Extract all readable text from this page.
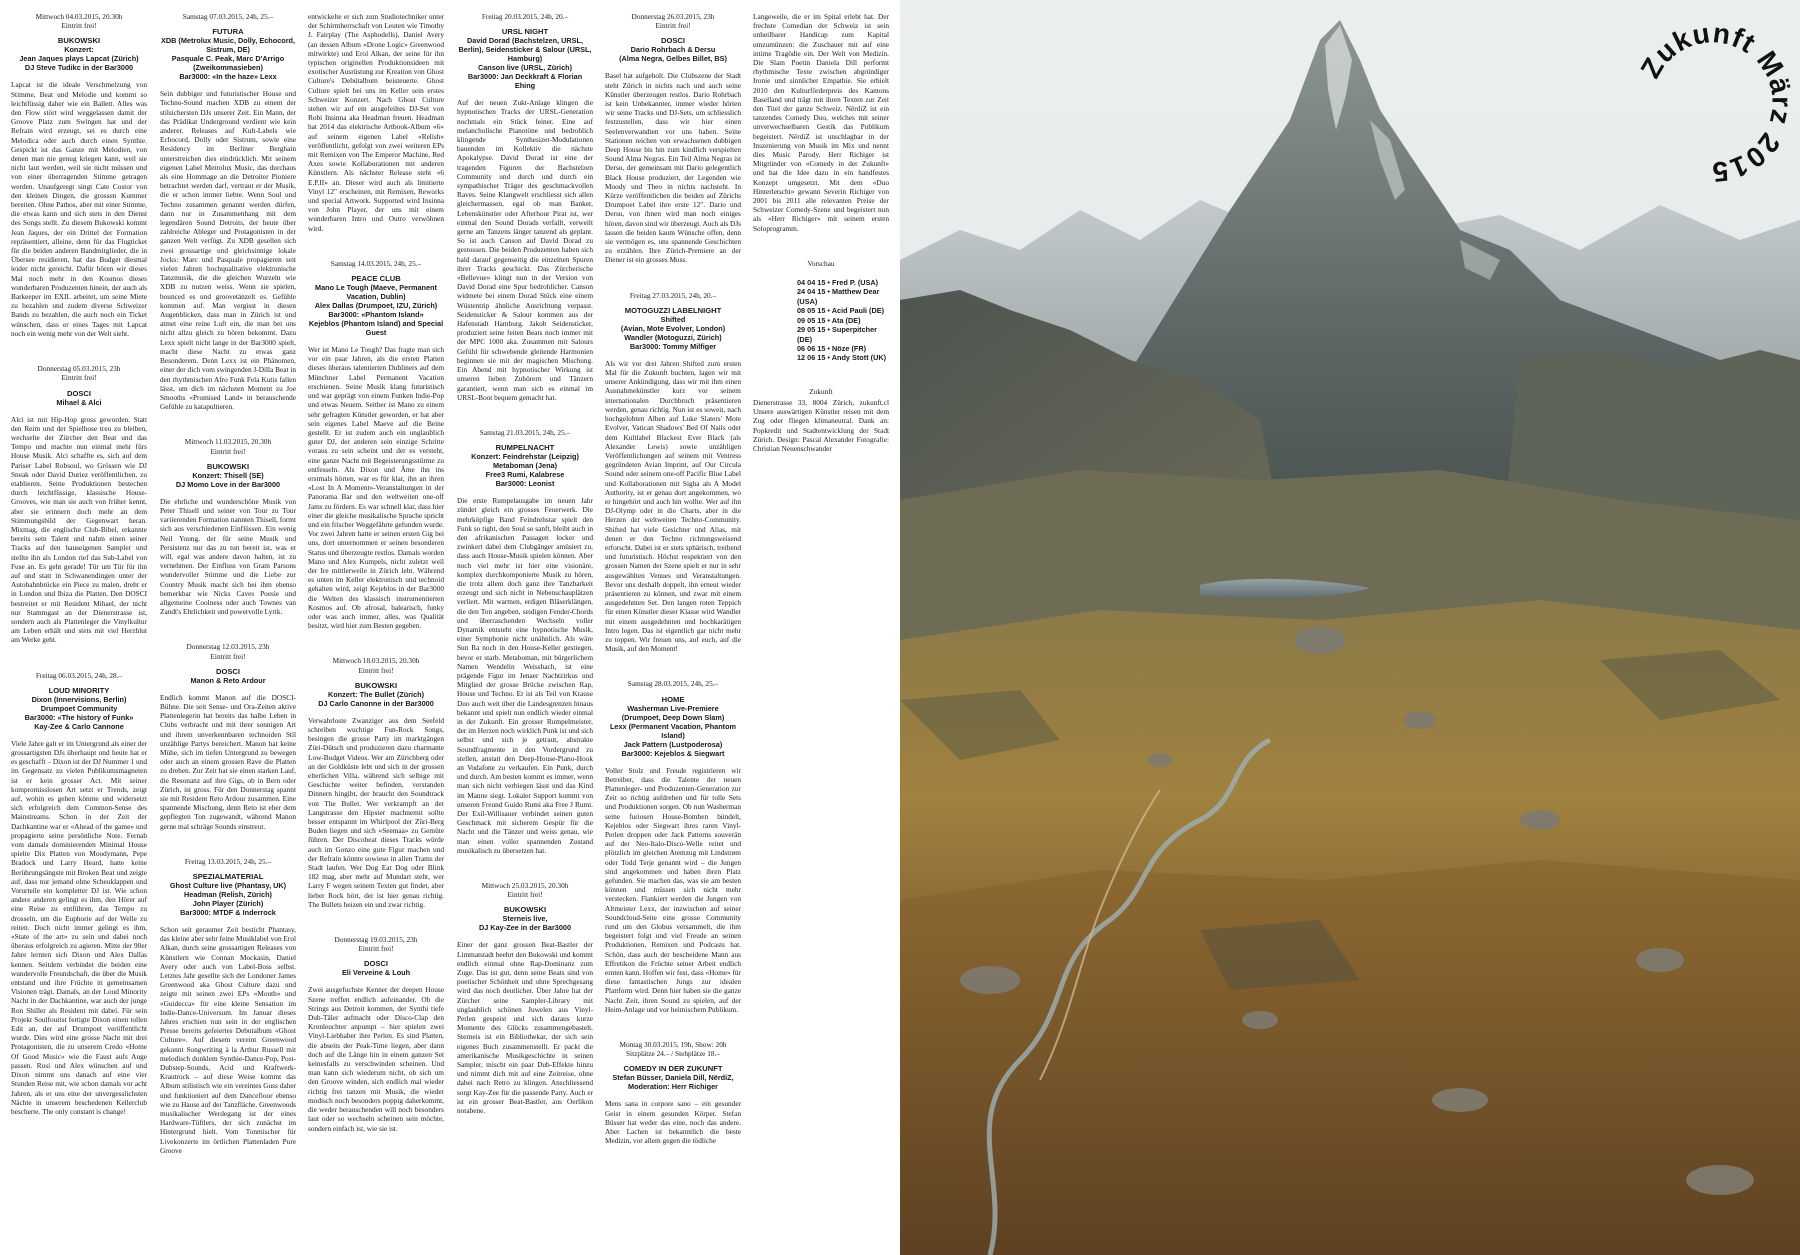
Mittwoch 04.03.2015, 20.30h
Eintritt frei!
BUKOWSKI
Konzert:
Jean Jaques plays Lapcat (Zürich)
DJ Steve Tudikc in der Bar3000
Lapcat ist die ideale Verschmelzung von Stimme, Beat und Melodie und kommt so leichtfüssig daher wie ein Ballett. Alles was den Flow stört wird weggelassen damit der Groove Platz zum Swingen hat und der Refrain wird erzeugt, sei es durch eine Melodica oder auch durch einen Synthie. Gespickt ist das Ganze mit Melodien, von denen man nie genug kriegen kann, weil sie nicht laut werden, weil sie nicht müssen und von einer überragenden Stimme getragen werden. Unaufgeregt singt Cate Costor von den kleinen Dingen, die grossen Kummer bereiten. Ohne Pathos, aber mit einer Stimme, die etwas kann und sich stets in den Dienst des Songs stellt. Zu diesem Bukowski kommt Jean Jaques, der ein Drittel der Formation repräsentiert, alleine, denn für das Flugticket für die beiden anderen Bandmitglieder, die in Übersee residieren, hat das Budget diesmal leider nicht gereicht. Dafür hören wir dieses Mal noch mehr in den Kosmos dieses wunderbaren Produzenten hinein, der auch als Barkeeper im EXIL arbeitet, um seine Miete zu bezahlen und zudem diverse Schweizer Bands zu bezahlen, die auch noch ein Ticket wünschen, dass er eines Tages mit Lapcat noch ein wenig mehr von der Welt sieht.
Donnerstag 05.03.2015, 23h
Eintritt frei!
DOSCI
Mihael & Alci
Alci ist mit Hip-Hop gross geworden. Statt den Reim und der Spielhose treu zu bleiben, wechselte der Zürcher den Beat und das Tempo und machte nun einmal mehr fürs House Musik. Alci schaffte es, sich auf dem Pariser Label Robsoul, wo Grössen wie DJ Sneak oder David Duriez veröffentlichen, zu etablieren. Seine Produktionen bestechen durch leichtfüssige, klassische House-Grooves, wie man sie auch von früher kennt, aber sie erinnern doch mehr an dem Stimmungsbild der Gegenwart heran. Mixmag, die englische Club-Bibel, erkannte bereits sein Talent und nahm einen seiner Tracks auf den hauseigenen Sampler und stellte ihn als London rief das Sub-Label von Fuse an. Es geht gerade! Tür um Tür für ihn auf und statt in Schwanendingen unter der Autobahnbrücke ein Piece zu malen, dreht er in London und Ibiza die Platten. Den DOSCI bestreitet er mit Resident Mihael, der nicht nur Stammgast an der Dienerstrasse ist, sondern auch als Plattenleger die Vinylkultur am Leben erhält und stets mit viel Herzblut am Werke geht.
Freitag 06.03.2015, 24h, 28.–
LOUD MINORITY
Dixon (Innervisions, Berlin)
Drumpoet Community
Bar3000: «The history of Funk»
Kay-Zee & Carlo Cannone
Viele Jahre galt er im Untergrund als einer der grossartigsten DJs überhaupt und heute hat er es geschafft – Dixon ist der DJ Nummer 1 und im Gegensatz zu vielen Publikumsmagneten ist er kein grosser Act. Mit seiner kompromisslosen Art setzt er Trends, zeigt auf, wohin es gehen könnte und widersetzt sich erfolgreich dem Common-Sense des Mainstreams. Schon in der Zeit der Dachkantine war er «Ahead of the game» und propagierte seine persönliche Note. Fernab vom damals dominierenden Minimal House spielte Dix Platten von Moodymann, Pepe Bradock und Larry Heard, hatte keine Berührungsängste mit Broken Beat und zeigte auf, dass nur jemand ohne Scheuklappen und Vorurteile ein kompletter DJ ist. Wie schon andere anderen gelingt es ihm, den Hörer auf eine Reise zu entführen, das Tempo zu drosseln, um die Euphorie auf der Welle zu reiten. Doch nicht immer gelingt es ihm, «State of the art» zu sein und dabei noch überaus erfolgreich zu agieren. Mitte der 90er Jahre lernten sich Dixon und Alex Dallas kennen. Seitdem verbindet die beiden eine wundervolle Freundschaft, die über die Musik entstand und ihre Früchte in gemeinsamen Visionen trägt. Damals, an der Loud Minority Nacht in der Dachkantine, war auch der junge Ron Shiller als Resident mit dabei. Für sein Projekt Soulfourist fertigte Dixon einen tollen Edit an, der auf Drumpoet veröffentlicht wurde. Dies wird eine grosse Nacht mit drei Protagonisten, die zu unserem Credo «Home Of Good Music» wie die Faust aufs Auge passen. Rosi und Alex wünschen auf und Dixon nimmt uns danach auf eine vier Stunden Reise mit, wie schon damals vor acht Jahren, als er uns eine der unvergesslichsten Nächte in unserem beschedenen Kellerclub bescherte. The only constant is change!
Samstag 07.03.2015, 24h, 25.–
FUTURA
XDB (Metrolux Music, Dolly, Echocord, Sistrum, DE)
Pasquale C. Peak, Marc D'Arrigo (Zweikommasieben)
Bar3000: «In the haze» Lexx
Sein dubbiger und futuristischer House und Techno-Sound machen XDB zu einem der stilsichersten DJs unserer Zeit. Ein Mann, der das Prädikat Underground verdient wie kein anderer. Releases auf Kult-Labels wie Echocord, Dolly oder Sistrum, sowie eine Residency im Berliner Berghain unterstreichen dies eindrücklich. Mit seinem eigenen Label Metrolux Music, das durchaus als eine Hommage an die Detroiter Pioniere betrachtet werden darf, vertraut er der Musik, die er schon immer liebte. Wenn Soul und Techno zusammen genannt werden dürfen, dann nur in Zusammenhang mit dem legendären Sound Detroits, der heute über zahlreiche Ableger und Protagonisten in der ganzen Welt verfügt. Zu XDB gesellen sich zwei grossartige und gleichsinnige lokale Jocks: Marc und Pasquale propagieren seit vielen Jahren hochqualitative elektronische Tanzmusik, die die gleichen Wurzeln wie XDB zu nutzen weiss. Wenn sie spielen, bounced es und groovetänzelt es. Gefühle kommen auf. Man vergisst in diesen Augenblicken, dass man in Zürich ist und atmet eine reine Luft ein, die man bei uns nicht allzu gleich zu hören bekommt. Dazu Lexx spielt nicht lange in der Bar3000 spielt, macht diese Nacht zu etwas ganz Besonderem. Denn Lexx ist ein Phänomen, einer der dich vom swingenden J-Dilla Beat in den rhythmischen Afro Funk Fela Kutis fallen lässt, um dich im nächsten Moment zu Joe Smooths «Promised Land» in berauschende Gefühle zu katapultieren.
Mittwoch 11.03.2015, 20.30h
Eintritt frei!
BUKOWSKI
Konzert: Thisell (SE)
DJ Momo Love in der Bar3000
Die ehrliche und wunderschöne Musik von Peter Thisell und seiner von Tour zu Tour variierenden Formation nannten Thisell, formt sich aus verschiedenen Einflüssen. Ein wenig Neil Young, der für seine Musik und Persistenz nur das zu tun bereit ist, was er will, egal was andere davon halten, ist zu vernehmen. Der Einfluss von Gram Parsons wundervoller Stimme und die Liebe zur Country Musik macht sich bei ihm ebenso bemerkbar wie Nicks Caves Poesie und allgemeine Coolness oder auch Townes van Zandt's Ehrlichkeit und powervolle Lyrik.
Donnerstag 12.03.2015, 23h
Eintritt frei!
DOSCI
Manon & Reto Ardour
Endlich kommt Manon auf die DOSCI-Bühne. Die seit Sense- und Ora-Zeiten aktive Plattenlegerin hat bereits das halbe Leben in Clubs verbracht und mit ihrer sonnigen Art und ihrem unverkennbaren technoiden Stil unzählige Partys bereichert. Manon hat keine Mühe, sich im tiefen Untergrund zu bewegen oder auch an einem grossen Rave die Platten zu drehen. Zur Zeit hat sie einen starken Lauf, die Resonanz auf ihre Gigs, ob in Bern oder Zürich, ist gross. Für den Donnerstag spannt sie mit Resident Reto Ardour zusammen. Eine spannende Mischung, denn Reto ist eher dem gepflegten Ton zugewandt, während Manon gerne mal schräge Sounds einstreut.
Freitag 13.03.2015, 24h, 25.–
SPEZIALMATERIAL
Ghost Culture live (Phantasy, UK)
Headman (Relish, Zürich)
John Player (Zürich)
Bar3000: MTDF & Inderrock
Schon seit geraumer Zeit besticht Phantasy, das kleine aber sehr feine Musiklabel von Erol Alkan, durch seine grossartigen Releases von Künstlern wie Connan Mockasin, Daniel Avery oder auch von Label-Boss selbst. Letztes Jahr gesellte sich der Londoner James Greenwood aka Ghost Culture dazu und zeigte mit seinen zwei EPs «Mouth» und «Guidecca» für eine kleine Sensation im Indie-Dance-Universum. Im Januar dieses Jahres erschien nun sein in der englischen Presse bereits gefeiertes Debutalbum «Ghost Culture». Auf diesem vereint Greenwood gekonnt Songwriting à la Arthur Russell mit melodisch dunklem Synthie-Dance-Pop, Post-Dubstep-Sounds, Acid und Kraftwerk-Krautrock – auf diese Weise kommt das Album stilistisch wie ein vereintes Guss daher und funktioniert auf dem Dancefloor ebenso wie zu Hause auf der Tanzfläche. Greenwoods musikalischer Werdegang ist der eines Hardware-Tüftlers, der sich zunächst im Hintergrund hielt. Vom Tonmischer für Livekonzerte im örtlichen Plattenladen Pure Groove
entwickelte er sich zum Studiotechniker unter der Schirmherrschaft von Leuten wie Timothy J. Fairplay (The Asphodells), Daniel Avery (an dessen Album «Drone Logic» Greenwood mitwirkte) und Erol Alkan, der seine für ihn typischen originellen Produktionsideen mit exotischer Ausrüstung zur Kreation von Ghost Culture's Debütalbum beisteuerte. Ghost Culture spielt bei uns im Keller sein erstes Schweizer Konzert. Nach Ghost Culture stehen wir auf ein ausgefeiltes DJ-Set von Robi Insinna aka Headman freuen. Headman hat 2014 das elektrische Artbook-Album «6» auf seinem eigenen Label «Relish» veröffentlicht, gefolgt von zwei weiteren EPs mit Remixen von The Emperor Machine, Red Axes sowie Kollaborationen mit anderen Künstlern. Als nächster Release steht «6 E.P.II» an. Dieser wird auch als limitierte Vinyl 12" erscheinen, mit Remixen, Reworks und special Artwork. Supported wird Insinna von John Player, der uns mit einem wunderbaren Intro und Outro verwöhnen wird.
Samstag 14.03.2015, 24h, 25.–
PEACE CLUB
Mano Le Tough (Maeve, Permanent Vacation, Dublin)
Alex Dallas (Drumpoet, IZU, Zürich)
Bar3000: «Phantom Island»
Kejeblos (Phantom Island) and Special Guest
Wer ist Mano Le Tough? Das fragte man sich vor ein paar Jahren, als die ersten Platten dieses überaus talentierten Dubliners auf dem Münchner Label Permanent Vacation erschienen. Seine Musik klang futuristisch und war geprägt von einem Funken Indie-Pop und etwas Neuem. Seither ist Mano zu einem sehr gefragten Künstler geworden, er hat aber sein eigenes Label Maeve auf die Beine gestellt. Er ist zudem auch ein unglaublich guter DJ, der anderen sein einzige Schritte voraus zu sein scheint und der es versteht, eine ganze Nacht mit Begeisterungsstürme zu entfesseln. Als Dixon und Âme ihn ins erstmals hörten, war es für klar, ihn an ihren «Lost In A Moment»-Veranstaltungen in der Panorama Bar und den weltweiten one-off Jams zu fördern. Es war schnell klar, dass hier einer die gleiche musikalische Sprache spricht und ein frischer Weggefährte gefunden wurde. Vor zwei Jahren hatte er seinen ersten Gig bei uns, dort unternommen er seinen besonderen Status und überzeugte restlos. Damals worden Mano und Alex Kumpels, nicht zuletzt weil der Ire mittlerweile in Zürich lebt. Während es unten im Keller elektronisch und technoid gehalten wird, zeigt Kejeblos in der Bar3000 die Welten des klassisch instrumentierten Kosmos auf. Ob afrosal, balearisch, funky oder was auch immer, alles, was Qualität besitzt, wird hier zum Besten gegeben.
Mittwoch 18.03.2015, 20.30h
Eintritt frei!
BUKOWSKI
Konzert: The Bullet (Zürich)
DJ Carlo Canonne in der Bar3000
Verwahrloste Zwanziger aus dem Seefeld schreiben wuchtige Fun-Rock Songs, besingen die grosse Party im marktgängen Züri-Dütsch und produzieren dazu charmante Low-Budget Videos. Wer am Zürichberg oder an der Goldküste lebt und sich in der grossen elterlichen Villa, während sich selbige mit Geschichte weiter befinden, verstanden Dinnern hingibt, der braucht den Soundtrack von The Bullet. Wer verkrampft an der Langstrasse den Hipster machnemit sollte besser entspannt im Whirlpool der Züri-Berg Buden liegen und sich «Seemaa» zu Gemüte führen. Der Discobeat dieses Tracks würde auch im Gonzo eine gute Figur machen und der Refrain könnte sowieso in allen Trams der Stadt laufen. Wer Dog Eat Dog oder Blink 182 mag, aber mehr auf Mundart steht, wer Larry F wegen seinem Texten gut findet, aber lieber Rock hört, der ist hier genau richtig. The Bullets heizen ein und zwar richtig.
Donnerstag 19.03.2015, 23h
Eintritt frei!
DOSCI
Eli Verveine & Louh
Zwei ausgefuchste Kenner der deepen House Szene treffen endlich aufeinander. Ob die Strings aus Detroit kommen, der Synthi tiefe Dub-Täler aufmacht oder Disco-Clap den Kronleuchter anpumpt – hier spielen zwei Vinyl-Liebhaber ihre Perlen. Es sind Platten, die abseits der Peak-Time liegen, aber dann doch auf die Länge hin in einem ganzen Set keinesfalls zu verschwinden scheinen. Und man kann sich wiederum nicht, ob sich um den Groove winden, sich endlich mal wieder richtig frei tanzen mit Musik, die wieder modisch noch besonders poppig daherkommt, die weder berauschenden will noch besonders laut oder so wechseln scheinen sein möchte, sondern einfach ist, wie sie ist.
Freitag 20.03.2015, 24h, 20.–
URSL NIGHT
David Dorad (Bachstelzen, URSL, Berlin), Seidensticker & Salour (URSL, Hamburg)
Canson live (URSL, Zürich)
Bar3000: Jan Deckkraft & Florian Ehing
Auf der neuen Zukt-Anlage klingen die hypnotischen Tracks der URSL-Generation nochmals ein Stück feiner. Eine auf melancholische Pianotöne und bedrohlich klingende Synthesizer-Modulationen bauenden im Kollektiv die nächste Apokalypse. David Dorad ist eine der tragenden Figuren der Bachstelzen Community und durch und durch ein sympathischer Träger des geschmackvollen Raves. Seine Klangwelt erschliesst sich allen gleichermassen, egal ob man Banker, Lebenskünstler oder Afterhour Pirat ist, wer einmal den Sound Dorads verfallt, verweilt gerne am Tanzens länger tanzend als geplant. So ist auch Canson auf David Dorad zu gestossen. Die beiden Produzenten haben sich bald darauf gegenseitig die einzelnen Spuren ihrer Tracks geschickt. Das Zürcherische «Bellevue» klingt nun in der Version von David Dorad eine Spur bedrohlicher. Canson widmete bei einem Dorad Stück eine einem Wüstentrip ähnliche Ausrichtung verpasst. Seidensticker & Salour kommen aus der Hafenstadt Hamburg. Jakob Seidensticker, produziert seine feiten Beats noch immer mit der MPC 1000 aka. Zusammen mit Salours Gefühl für schwebende gleitende Harmonien beginnen sie mit der magischen Mischung. Ein Abend mit hypnotischer Wirkung ist unseren lieben Zuhörern und Tänzern garantiert, wenn man sich es einmal im URSL-Boot bequem gemacht hat.
Samstag 21.03.2015, 24h, 25.–
RUMPELNACHT
Konzert: Feindrehstar (Leipzig)
Metaboman (Jena)
Free3 Rumi, Kalabrese
Bar3000: Leonist
Die erste Rumpelausgabe im neuen Jahr zündet gleich ein grosses Feuerwerk. Die mehrköpfige Band Feindrehstar spielt den Funk so tight, den Soul so sanft, bleibt auch in den afrikanischen Passagen locker und zwinkert dabei dem Clubgänger amüsiert zu, dass auch House-Musik spielen können. Aber noch viel mehr ist hier eine visionäre, komplex durchkomponierte Musik zu hören, die trotz allem doch ganz ihre Tanzbarkeit erzeugt und sich nicht in Nebenschauplätzen verliert. Mit warmen, erdigen Bläserklängen, die den Ton angeben, seidigen Fender-Chords und überraschenden Wechseln voller Dynamik entsteht eine hypnotische Musik, einer Symphonie nicht unähnlich. Als wäre Sun Ra noch in den House-Keller gestiegen, bevor er starb. Metaboman, mit bürgerlichem Namen Wendelin Weissbach, ist eine prägende Figur im Jenaer Nachtzirkus und Mitglied der grosse Brücke zwischen Rap, House und Techno. Er ist als Teil von Krause Duo auch weit über die Landesgrenzen hinaus bekannt und spielt nun endlich wieder einmal in der Zukunft. Ein grosser Rumpelmeister, der im Herzen noch wirklich Punk ist und sich selbst und sich je getraut, abstrakte Soundfragmente in den Vordergrund zu stellen, anstatt den Deep-House-Piano-Hook an Vodafone zu verkaufen. Ein Punk, durch und durch. Am besten kommt es immer, wenn man sich nicht verbiegen lässt und das Kind im Manne siegt. Lokaler Support kommt von unseren Freund Guido Rumi aka Free J Rumi. Der Exil-Willisauer verbindet seinen guten Geschmack mit sicherem Gespür für die Nacht und die Tänzer und weiss genau, wie man einen voller spannenden Zustand musikalisch zu übersetzen hat.
Mittwoch 25.03.2015, 20.30h
Eintritt frei!
BUKOWSKI
Sterneis live,
DJ Kay-Zee in der Bar3000
Einer der ganz grossen Beat-Bastler der Limmatstadt beehrt den Bukowski und kommt endlich einmal ohne Rap-Dominanz zum Zuge. Das ist gut, denn seine Beats sind von poetischer Schönheit und ohne Sprechgesang wird das noch deutlicher. Über Jahre hat der Zürcher seine Sampler-Library mit unglaublich schönen Juwelen aus Vinyl-Perlen gespeist und sich daraus kurze Momente des Glücks zusammengebastelt. Sterneis ist ein Bibliothekar, der sich sein eigenes Buch zusammenstellt. Er packt die amerikanische Musikgeschichte in seinen Sampler, mischt ein paar Dub-Effekte hinzu und nimmt dich mit auf eine Zeitreise, ohne dabei nach Retro zu klingen. Anschliessend sorgt Kay-Zee für die passende Party. Auch er ist ein grosser Beat-Bastler, aus Oerlikon notabene.
Donnerstag 26.03.2015, 23h
Eintritt frei!
DOSCI
Dario Rohrbach & Dersu
(Alma Negra, Gelbes Billet, BS)
Basel hat aufgeholt. Die Clubszene der Stadt steht Zürich in nichts nach und auch seine Künstler überzeugen restlos. Dario Rohrbach ist kein Unbekannter, immer wieder hörten wir seine Tracks und DJ-Sets, um schliesslich festzustellen, dass wir hier einen Seelenverwandten vor uns haben. Seine Stationen reichen von erwachsenen dubbigen Deep House bis hin zum kindlich verspielten Sound Alma Negras. Ein Teil Alma Negras ist Dersu, der gemeinsam mit Dario gelegentlich Black House produziert, der Legenden wie Moody und Theo in nichts nachsteht. In Kürze veröffentlichen die beiden auf Zürichs Drumpoet Label ihre erste 12". Dario und Dersu, von ihnen wird man noch einiges hören, davon sind wir überzeugt. Auch als DJs lassen die beiden kaum Wünsche offen, denn sie vermögen es, uns spannende Geschichten zu erzählen. Ihre Zürich-Premiere an der Diener ist ein grosses Muss.
Freitag 27.03.2015, 24h, 20.–
MOTOGUZZI LABELNIGHT
Shifted
(Avian, Mote Evolver, London)
Wandler (Motoguzzi, Zürich)
Bar3000: Tommy Milfiger
Als wir vor drei Jahren Shifted zum ersten Mal für die Zukunft buchten, lagen wir mit unserer Ankündigung, dass wir mit ihm einen Ausnahmekünstler kurz vor seinem internationalen Durchbruch präsentieren werden, genau richtig. Nun ist es soweit, nach hochgelobten Alben auf Luke Slaters' Mote Evolver, Vatican Shadows' Bed Of Nails oder dem Kultlabel Blackest Ever Black (als Alexander Lewis) sowie unzähligen Veröffentlichungen auf seinem mit Ventress gegründeten Avian Imprint, auf Our Circula Sound oder seinem one-off Pacific Blue Label und Kollaborationen mit Sigha als A Model Authority, ist er genau dort angekommen, wo er hingehört und auch hin wollte. Wer auf ihn DJ-Olymp oder in die Charts, aber in die Herzen der weltweiten Techno-Community. Shifted hat viele Gesichter und Alias, mit denen er den Techno richtungsweisend erforscht. Dabei ist er stets sphärisch, treibend und futuristisch. Höchst respektiert von den grossen Namen der Szene spielt er nur in sehr ausgewählten Venues und Veranstaltungen. Bevor uns deshalb doppelt, ihn erneut wieder präsentieren zu können, und zwar mit einem ausgedehnten Set. Den langen roten Teppich für einen Künstler dieser Klasse wird Wandler mit einem ausgedehnten und hochkarätigen Intro legen. Das ist eigentlich gar nicht mehr zu toppen. Wir freuen uns, auf euch, auf die Musik, auf den Moment!
Samstag 28.03.2015, 24h, 25.–
HOME
Washerman Live-Premiere
(Drumpoet, Deep Down Slam)
Lexx (Permanent Vacation, Phantom Island)
Jack Pattern (Lustpoderosa)
Bar3000: Kejeblos & Siegwart
Voller Stolz und Freude registrieren wir Betreiber, dass die Talente der neuen Plattenleger- und Produzenten-Generation zur Zeit so richtig aufdrehen und für tolle Sets und Produktionen sorgen. Ob nun Washerman seine furiosen House-Bomben bündelt, Kejeblos oder Siegwart ihres raren Vinyl-Perlen droppen oder Jack Patterns souverän auf der Neo-Italo-Disco-Welle reitet und plötzlich im gleichen Atemzug mit Lindstrøm oder Todd Terje genannt wird – die Jungen sind angekommen und haben ihren Platz gefunden. Sie machen das, was sie am besten können und müssen sich nicht mehr verstecken. Flankiert werden die Jungen von Altmeister Lexx, der inzwischen auf seiner Soundcloud-Seite eine grosse Community rund um den Globus versammelt, die ihm begeistert folgt und viel Freude an seinen Produktionen, Remixen und Podcasts hat. Schön, dass auch der bescheidene Mann aus Effretikon die Früchte seiner Arbeit endlich ernten kann. Hoffen wir fest, dass «Home» für diese fantastischen Jungs zur idealen Plattform wird. Denn hier haben sie die ganze Nacht Zeit, ihren Sound zu spielen, auf der Heim-Anlage und vor heimischem Publikum.
Montag 30.03.2015, 19h, Show: 20h
Sitzplätze 24.– / Stehplätze 18.–
COMEDY IN DER ZUKUNFT
Stefan Büsser, Daniela Dill, NërdiZ,
Moderation: Herr Richiger
Mens sana in corpore sano – ein gesunder Geist in einem gesunden Körper. Stefan Büsser hat weder das eine, noch das andere. Aber Lachen ist bekanntlich die beste Medizin, vor allem gegen die tödliche
Langeweile, die er im Spital erlebt hat. Der frechste Comedian der Schweiz ist sein unheilbarer Handicap zum Kapital umzumünzen: die Zuschauer mit auf eine intime Tragödie ein. Der Welt von Medizin. Die Slam Poetin Daniela Dill performt rhythmische Texte zwischen abgründiger Ironie und sinnlicher Empathie. Sie erhielt 2010 den Kulturförderpreis des Kantons Baselland und trägt mit ihren Texten zur Zeit den Titel der ganze Schweiz. NërdiZ ist ein tanzendes Comedy Duo, welches mit seiner unverwechselbaren Gestik das Publikum begeistert. NërdiZ ist unschlagbar in der Inszenierung von Musik im Mix und nennt dies Music Parody. Herr Richiger ist Mitgründer von «Comedy in der Zukunft» und hat die Idee dazu in ein handfestes Konzept umgesetzt. Mit dem «Duo Hinterletscht» gewann Severin Richiger von 2001 bis 2011 alle relevanten Preise der Schweizer Comedy-Szene und begeistert nun als «Herr Richiger» mit seinem ersten Soloprogramm.
Vorschau
04 04 15 • Fred P. (USA)
24 04 15 • Matthew Dear (USA)
08 05 15 • Acid Pauli (DE)
09 05 15 • Ata (DE)
29 05 15 • Superpitcher (DE)
06 06 15 • Nöze (FR)
12 06 15 • Andy Stott (UK)
Zukunft
Dienerstrasse 33, 8004 Zürich, zukunft.cl Unsere auswärtigen Künstler reisen mit dem Zug oder fliegen klimaneutral. Dank an: Popkredit und Stadtentwicklung der Stadt Zürich. Design: Pascal Alexander Fotografie: Christian Neuenschwander
Zukunft März 2015
